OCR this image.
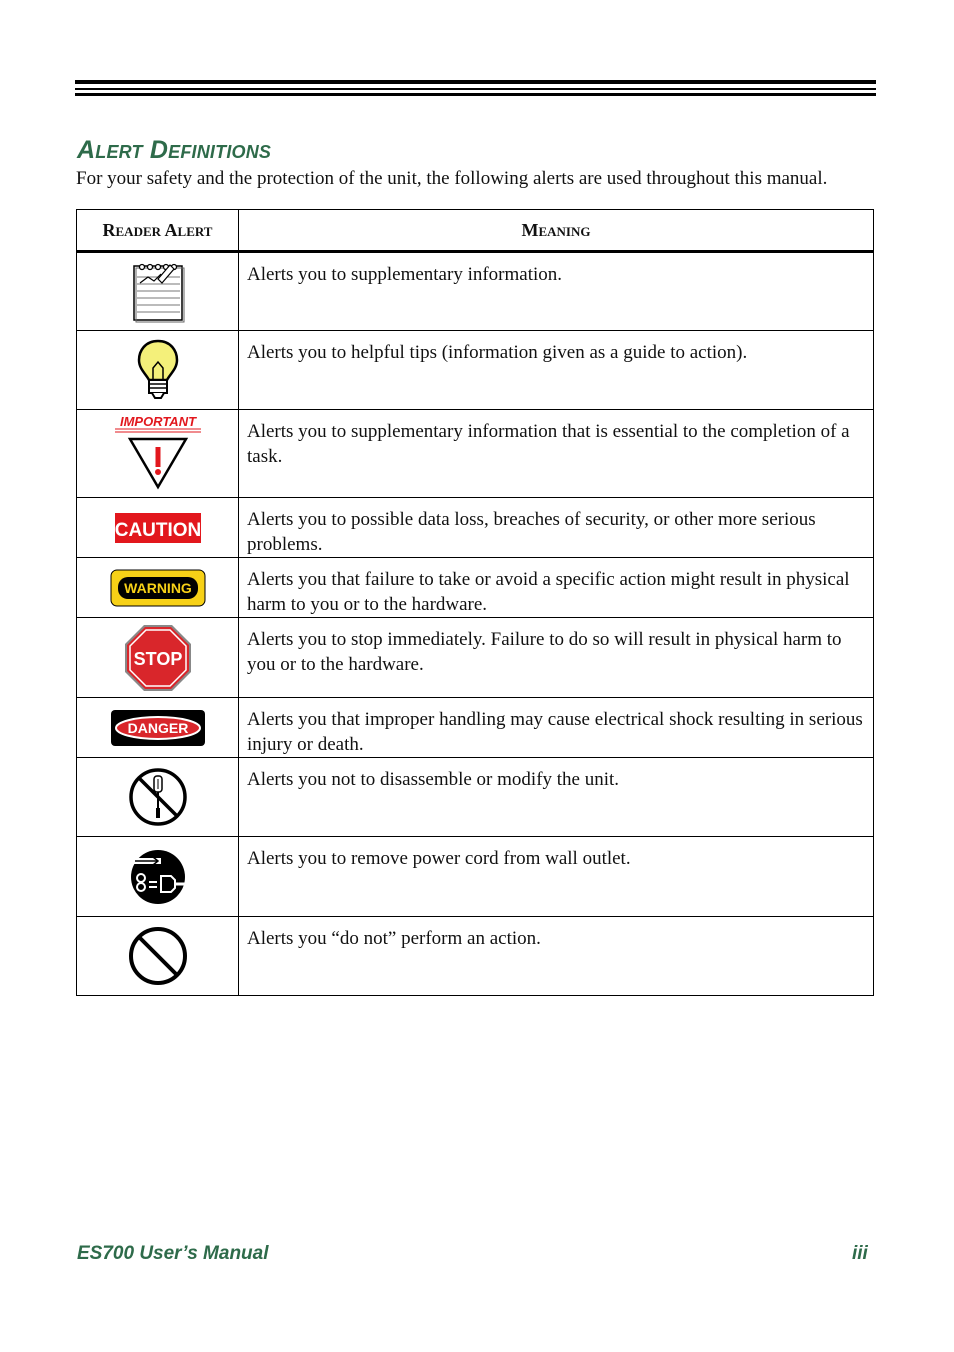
Alert Definitions

For your safety and the protection of the unit, the following alerts are used throughout this manual.

Reader Alert	Meaning

	Alerts you to supplementary information.

	Alerts you to helpful tips (information given as a guide to action).

IMPORTANT	Alerts you to supplementary information that is essential to the completion of a task.

CAUTION	Alerts you to possible data loss, breaches of security, or other more serious problems.

WARNING	Alerts you that failure to take or avoid a specific action might result in physical harm to you or to the hardware.

STOP	Alerts you to stop immediately. Failure to do so will result in physical harm to you or to the hardware.

DANGER	Alerts you that improper handling may cause electrical shock resulting in serious injury or death.

	Alerts you not to disassemble or modify the unit.

	Alerts you to remove power cord from wall outlet.

	Alerts you “do not” perform an action.
ES700 User’s Manual	iii
